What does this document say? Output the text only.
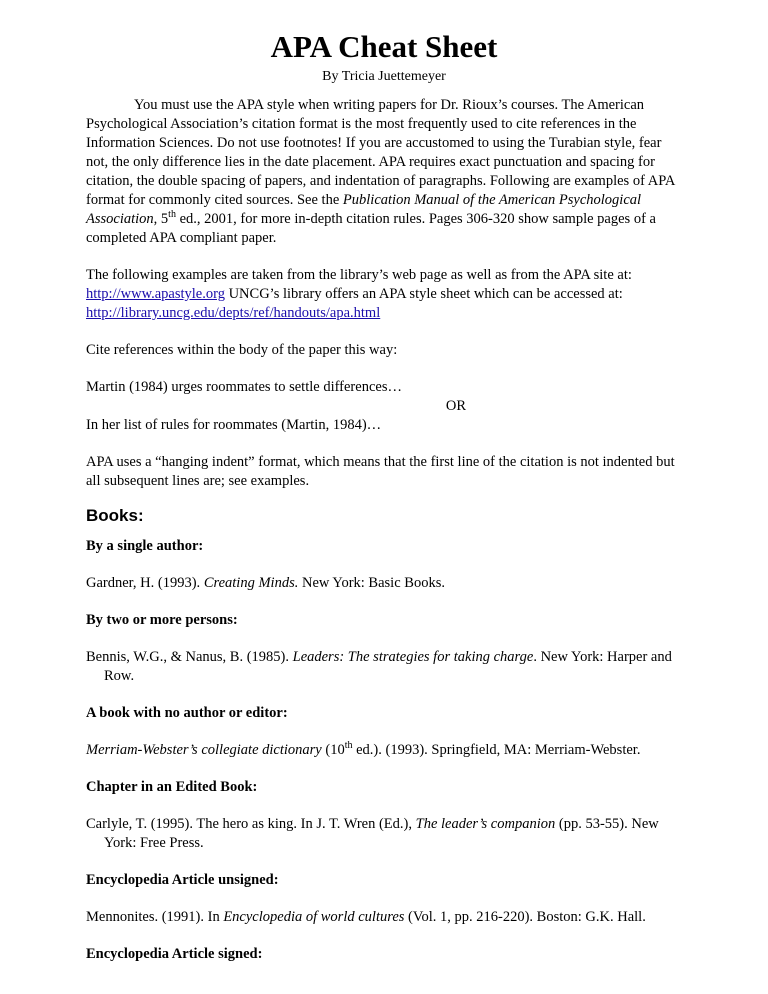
APA Cheat Sheet
By Tricia Juettemeyer

You must use the APA style when writing papers for Dr. Rioux’s courses. The American Psychological Association’s citation format is the most frequently used to cite references in the Information Sciences. Do not use footnotes! If you are accustomed to using the Turabian style, fear not, the only difference lies in the date placement. APA requires exact punctuation and spacing for citation, the double spacing of papers, and indentation of paragraphs. Following are examples of APA format for commonly cited sources. See the Publication Manual of the American Psychological Association, 5th ed., 2001, for more in-depth citation rules. Pages 306-320 show sample pages of a completed APA compliant paper.

The following examples are taken from the library’s web page as well as from the APA site at:
http://www.apastyle.org UNCG’s library offers an APA style sheet which can be accessed at:
http://library.uncg.edu/depts/ref/handouts/apa.html

Cite references within the body of the paper this way:

Martin (1984) urges roommates to settle differences…

OR

In her list of rules for roommates (Martin, 1984)…

APA uses a “hanging indent” format, which means that the first line of the citation is not indented but all subsequent lines are; see examples.

Books:

By a single author:

Gardner, H. (1993). Creating Minds. New York: Basic Books.

By two or more persons:

Bennis, W.G., & Nanus, B. (1985). Leaders: The strategies for taking charge. New York: Harper and Row.

A book with no author or editor:

Merriam-Webster’s collegiate dictionary (10th ed.). (1993). Springfield, MA: Merriam-Webster.

Chapter in an Edited Book:

Carlyle, T. (1995). The hero as king. In J. T. Wren (Ed.), The leader’s companion (pp. 53-55). New York: Free Press.

Encyclopedia Article unsigned:

Mennonites. (1991). In Encyclopedia of world cultures (Vol. 1, pp. 216-220). Boston: G.K. Hall.

Encyclopedia Article signed:
